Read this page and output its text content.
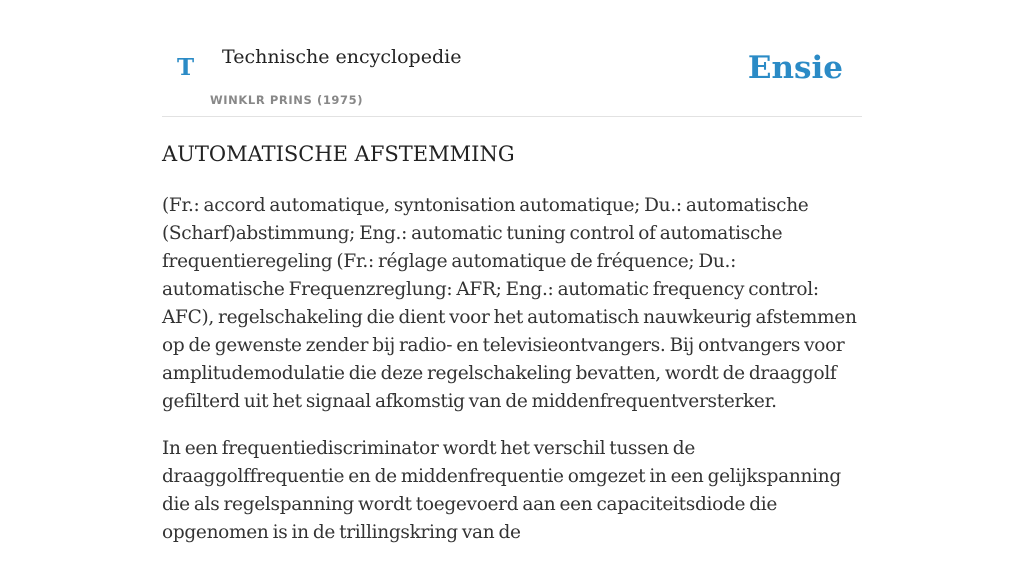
T Technische encyclopedie
WINKLR PRINS (1975)
Ensie
AUTOMATISCHE AFSTEMMING

(Fr.: accord automatique, syntonisation automatique; Du.: automatische (Scharf)abstimmung; Eng.: automatic tuning control of automatische frequentieregeling (Fr.: réglage automatique de fréquence; Du.: automatische Frequenzreglung: AFR; Eng.: automatic frequency control: AFC), regelschakeling die dient voor het automatisch nauwkeurig afstemmen op de gewenste zender bij radio- en televisieontvangers. Bij ontvangers voor amplitudemodulatie die deze regelschakeling bevatten, wordt de draaggolf gefilterd uit het signaal afkomstig van de middenfrequentversterker.

In een frequentiediscriminator wordt het verschil tussen de draaggolffrequentie en de middenfrequentie omgezet in een gelijkspanning die als regelspanning wordt toegevoerd aan een capaciteitsdiode die opgenomen is in de trillingskring van de
